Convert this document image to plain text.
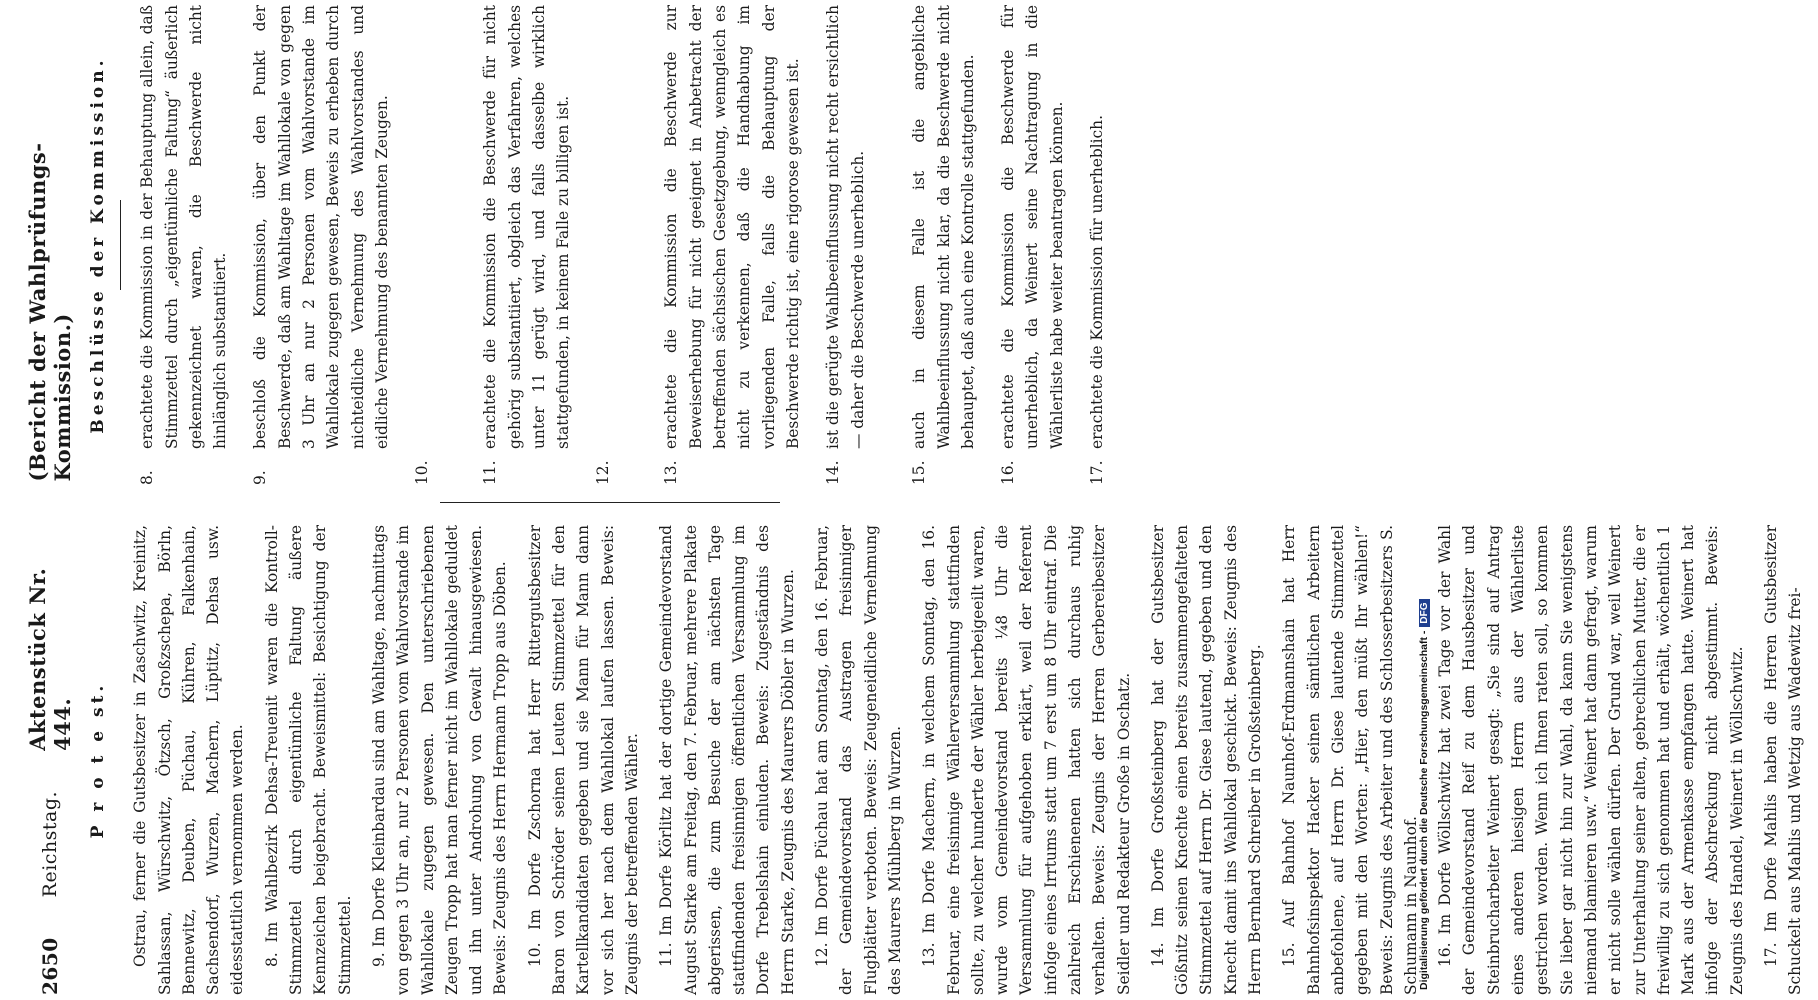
2650
Reichstag.
Aktenstück Nr. 444.
(Bericht der Wahlprüfungs-Kommission.)
P r o t e st. Ostrau, ferner die Gutsbesitzer in Zaschwitz, Kreinitz, Sahlassan, Würschwitz, Ötzsch, Großzschepa, Börln, Bennewitz, Deuben, Püchau, Kühren, Falkenhain, Sachsendorf, Wurzen, Machern, Lüptitz, Dehsa usw. eidesstattlich vernommen werden. 8. Im Wahlbezirk Dehsa-Treuenit waren die Kontroll-Stimmzettel durch eigentümliche Faltung äußere Kennzeichen beigebracht. Beweismittel: Besichtigung der Stimmzettel. 9. Im Dorfe Kleinbardau sind am Wahltage, nachmittags von gegen 3 Uhr an, nur 2 Personen vom Wahlvorstande im Wahllokale zugegen gewesen. Den unterschriebenen Zeugen Tropp hat man ferner nicht im Wahllokale geduldet und ihn unter Androhung von Gewalt hinausgewiesen. Beweis: Zeugnis des Herrn Hermann Tropp aus Döben. 10. Im Dorfe Zschorna hat Herr Rittergutsbesitzer Baron von Schröder seinen Leuten Stimmzettel für den Kartellkandidaten gegeben und sie Mann für Mann dann vor sich her nach dem Wahllokal laufen lassen. Beweis: Zeugnis der betreffenden Wähler. 11. Im Dorfe Körlitz hat der dortige Gemeindevorstand August Starke am Freitag, den 7. Februar, mehrere Plakate abgerissen, die zum Besuche der am nächsten Tage stattfindenden freisinnigen öffentlichen Versammlung im Dorfe Trebelshain einluden. Beweis: Zugeständnis des Herrn Starke, Zeugnis des Maurers Döbler in Wurzen. 12. Im Dorfe Püchau hat am Sonntag, den 16. Februar, der Gemeindevorstand das Austragen freisinniger Flugblätter verboten. Beweis: Zeugeneidliche Vernehmung des Maurers Mühlberg in Wurzen. 13. Im Dorfe Machern, in welchem Sonntag, den 16. Februar, eine freisinnige Wählerversammlung stattfinden sollte, zu welcher hunderte der Wähler herbeigeeilt waren, wurde vom Gemeindevorstand bereits ¼8 Uhr die Versammlung für aufgehoben erklärt, weil der Referent infolge eines Irrtums statt um 7 erst um 8 Uhr eintraf. Die zahlreich Erschienenen hatten sich durchaus ruhig verhalten. Beweis: Zeugnis der Herren Gerbereibesitzer Seidler und Redakteur Große in Oschatz. 14. Im Dorfe Großsteinberg hat der Gutsbesitzer Gößnitz seinen Knechte einen bereits zusammengefalteten Stimmzettel auf Herrn Dr. Giese lautend, gegeben und den Knecht damit ins Wahllokal geschickt. Beweis: Zeugnis des Herrn Bernhard Schreiber in Großsteinberg. 15. Auf Bahnhof Naunhof-Erdmannshain hat Herr Bahnhofsinspektor Hacker seinen sämtlichen Arbeitern anbefohlene, auf Herrn Dr. Giese lautende Stimmzettel gegeben mit den Worten: „Hier, den müßt Ihr wählen!“ Beweis: Zeugnis des Arbeiter und des Schlosserbesitzers S. Schumann in Naunhof. 16. Im Dorfe Wöllschwitz hat zwei Tage vor der Wahl der Gemeindevorstand Reif zu dem Hausbesitzer und Steinbrucharbeiter Weinert gesagt: „Sie sind auf Antrag eines anderen hiesigen Herrn aus der Wählerliste gestrichen worden. Wenn ich Ihnen raten soll, so kommen Sie lieber gar nicht hin zur Wahl, da kann Sie wenigstens niemand blamieren usw.“ Weinert hat dann gefragt, warum er nicht solle wählen dürfen. Der Grund war, weil Weinert zur Unterhaltung seiner alten, gebrechlichen Mutter, die er freiwillig zu sich genommen hat und erhält, wöchentlich 1 Mark aus der Armenkasse empfangen hatte. Weinert hat infolge der Abschreckung nicht abgestimmt. Beweis: Zeugnis des Handel, Weinert in Wöllschwitz. 17. Im Dorfe Mahlis haben die Herren Gutsbesitzer Schuckelt aus Mahlis und Wetzig aus Wadewitz frei-

Beschlüsse der Kommission.
8.
erachtete die Kommission in der Behauptung allein, daß Stimmzettel durch „eigentümliche Faltung“ äußerlich gekennzeichnet waren, die Beschwerde nicht hinlänglich substantiiert.
9.
beschloß die Kommission, über den Punkt der Beschwerde, daß am Wahltage im Wahllokale von gegen 3 Uhr an nur 2 Personen vom Wahlvorstande im Wahllokale zugegen gewesen, Beweis zu erheben durch nichteidliche Vernehmung des Wahlvorstandes und eidliche Vernehmung des benannten Zeugen.
10.	11.
erachtete die Kommission die Beschwerde für nicht gehörig substantiiert, obgleich das Verfahren, welches unter 11 gerügt wird, und falls dasselbe wirklich stattgefunden, in keinem Falle zu billigen ist.
12.	13.
erachtete die Kommission die Beschwerde zur Beweiserhebung für nicht geeignet in Anbetracht der betreffenden sächsischen Gesetzgebung, wenngleich es nicht zu verkennen, daß die Handhabung im vorliegenden Falle, falls die Behauptung der Beschwerde richtig ist, eine rigorose gewesen ist.
14.
ist die gerügte Wahlbeeinflussung nicht recht ersichtlich — daher die Beschwerde unerheblich.
15.
auch in diesem Falle ist die angebliche Wahlbeeinflussung nicht klar, da die Beschwerde nicht behauptet, daß auch eine Kontrolle stattgefunden.
16.
erachtete die Kommission die Beschwerde für unerheblich, da Weinert seine Nachtragung in die Wählerliste habe weiter beantragen können.
17.
erachtete die Kommission für unerheblich.
Digitalisierung gefördert durch die Deutsche Forschungsgemeinschaft -
DFG
